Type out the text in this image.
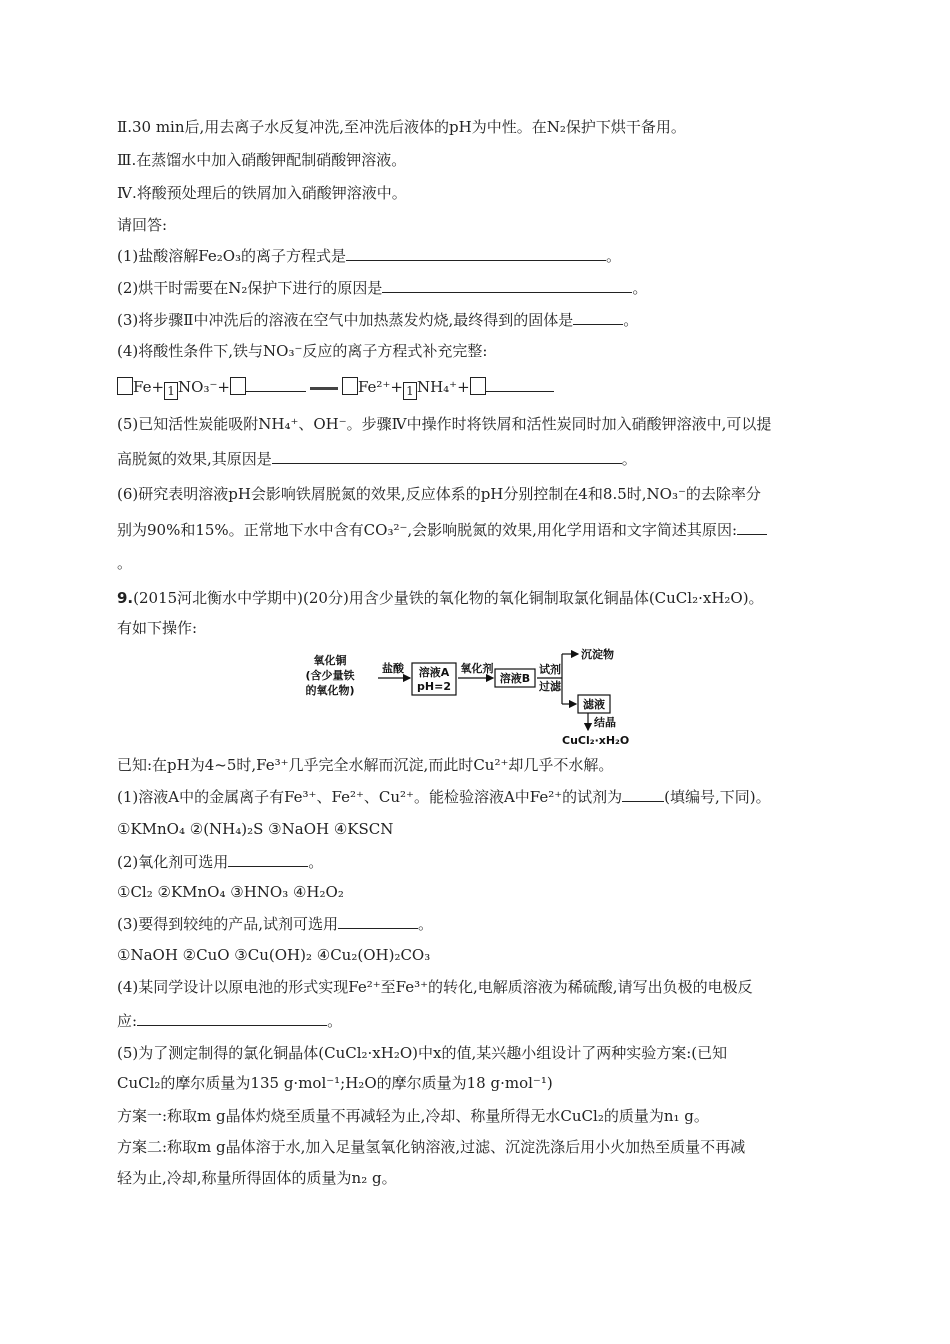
Ⅱ.30 min后,用去离子水反复冲洗,至冲洗后液体的pH为中性。在N₂保护下烘干备用。
Ⅲ.在蒸馏水中加入硝酸钾配制硝酸钾溶液。
Ⅳ.将酸预处理后的铁屑加入硝酸钾溶液中。
请回答:
(1)盐酸溶解Fe₂O₃的离子方程式是	。
(2)烘干时需要在N₂保护下进行的原因是	。
(3)将步骤Ⅱ中冲洗后的溶液在空气中加热蒸发灼烧,最终得到的固体是	。
(4)将酸性条件下,铁与NO₃⁻反应的离子方程式补充完整:
Fe+ 1 NO₃⁻+	Fe²⁺+ 1 NH₄⁺+
(5)已知活性炭能吸附NH₄⁺、OH⁻。步骤Ⅳ中操作时将铁屑和活性炭同时加入硝酸钾溶液中,可以提
高脱氮的效果,其原因是	。
(6)研究表明溶液pH会影响铁屑脱氮的效果,反应体系的pH分别控制在4和8.5时,NO₃⁻的去除率分
别为90%和15%。正常地下水中含有CO₃²⁻,会影响脱氮的效果,用化学用语和文字简述其原因:
。
9.(2015河北衡水中学期中)(20分)用含少量铁的氧化物的氧化铜制取氯化铜晶体(CuCl₂·xH₂O)。
有如下操作:
氧化铜
(含少量铁
的氧化物)
盐酸 溶液A
pH=2
氧化剂
溶液B
试剂
过滤
沉淀物
滤液
结晶
CuCl₂·xH₂O
已知:在pH为4~5时,Fe³⁺几乎完全水解而沉淀,而此时Cu²⁺却几乎不水解。
(1)溶液A中的金属离子有Fe³⁺、Fe²⁺、Cu²⁺。能检验溶液A中Fe²⁺的试剂为	(填编号,下同)。
①KMnO₄ ②(NH₄)₂S ③NaOH ④KSCN
(2)氧化剂可选用	。
①Cl₂ ②KMnO₄ ③HNO₃ ④H₂O₂
(3)要得到较纯的产品,试剂可选用	。
①NaOH ②CuO ③Cu(OH)₂ ④Cu₂(OH)₂CO₃
(4)某同学设计以原电池的形式实现Fe²⁺至Fe³⁺的转化,电解质溶液为稀硫酸,请写出负极的电极反
应:	。
(5)为了测定制得的氯化铜晶体(CuCl₂·xH₂O)中x的值,某兴趣小组设计了两种实验方案:(已知
CuCl₂的摩尔质量为135 g·mol⁻¹;H₂O的摩尔质量为18 g·mol⁻¹)
方案一:称取m g晶体灼烧至质量不再减轻为止,冷却、称量所得无水CuCl₂的质量为n₁ g。
方案二:称取m g晶体溶于水,加入足量氢氧化钠溶液,过滤、沉淀洗涤后用小火加热至质量不再减
轻为止,冷却,称量所得固体的质量为n₂ g。
